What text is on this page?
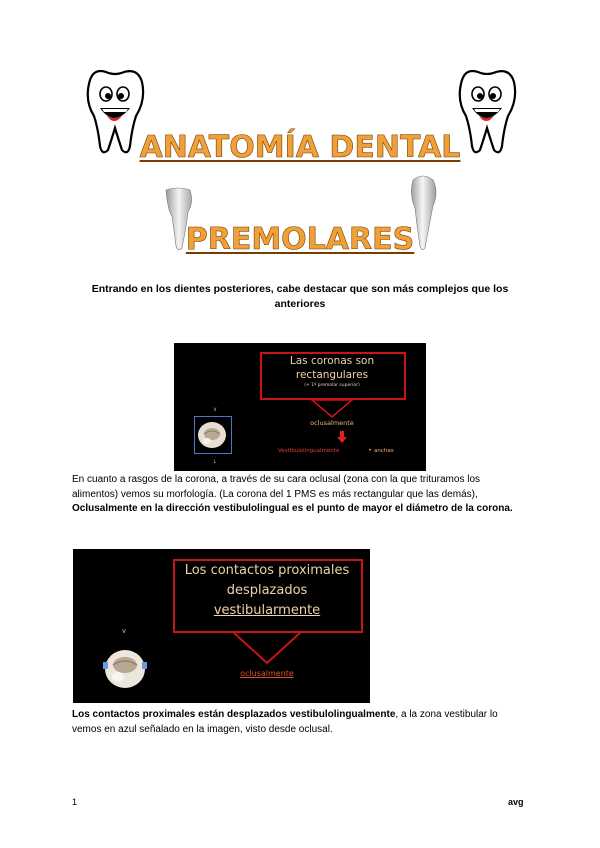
ANATOMÍA DENTAL
PREMOLARES
Entrando en los dientes posteriores, cabe destacar que son más complejos que los anteriores
Las coronas son
rectangulares
(+ 1º premolar superior)
oclusalmente
Vestibulolingualmente	• anchas
V
L
En cuanto a rasgos de la corona, a través de su cara oclusal (zona con la que trituramos los alimentos) vemos su morfología. (La corona del 1 PMS es más rectangular que las demás), Oclusalmente en la dirección vestibulolingual es el punto de mayor el diámetro de la corona.
Los contactos proximales
desplazados
vestibularmente
oclusalmente
V
Los contactos proximales están desplazados vestibulolingualmente, a la zona vestibular lo vemos en azul señalado en la imagen, visto desde oclusal.
1	avg
